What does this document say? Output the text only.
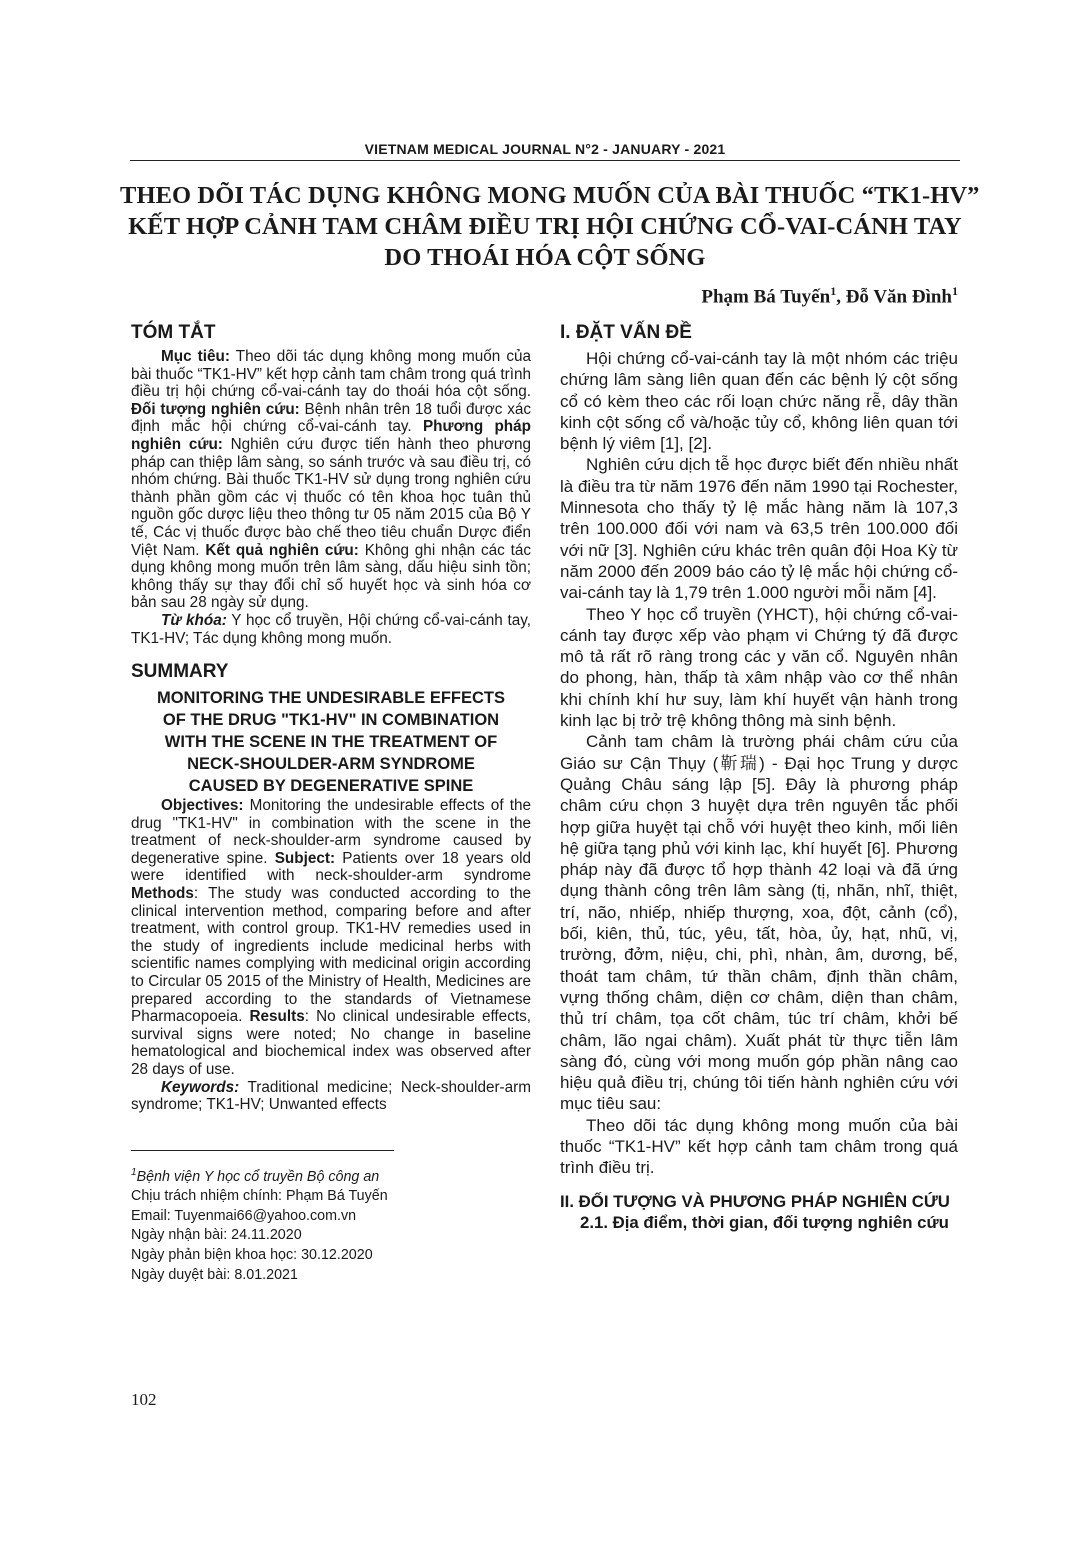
VIETNAM MEDICAL JOURNAL N°2 - JANUARY - 2021
THEO DÕI TÁC DỤNG KHÔNG MONG MUỐN CỦA BÀI THUỐC “TK1-HV”
KẾT HỢP CẢNH TAM CHÂM ĐIỀU TRỊ HỘI CHỨNG CỔ-VAI-CÁNH TAY
DO THOÁI HÓA CỘT SỐNG
Phạm Bá Tuyến$^1$, Đỗ Văn Đình$^1$
TÓM TẮT

Mục tiêu: Theo dõi tác dụng không mong muốn của bài thuốc “TK1-HV” kết hợp cảnh tam châm trong quá trình điều trị hội chứng cổ-vai-cánh tay do thoái hóa cột sống. Đối tượng nghiên cứu: Bệnh nhân trên 18 tuổi được xác định mắc hội chứng cổ-vai-cánh tay. Phương pháp nghiên cứu: Nghiên cứu được tiến hành theo phương pháp can thiệp lâm sàng, so sánh trước và sau điều trị, có nhóm chứng. Bài thuốc TK1-HV sử dụng trong nghiên cứu thành phần gồm các vị thuốc có tên khoa học tuân thủ nguồn gốc dược liệu theo thông tư 05 năm 2015 của Bộ Y tế, Các vị thuốc được bào chế theo tiêu chuẩn Dược điển Việt Nam. Kết quả nghiên cứu: Không ghi nhận các tác dụng không mong muốn trên lâm sàng, dấu hiệu sinh tồn; không thấy sự thay đổi chỉ số huyết học và sinh hóa cơ bản sau 28 ngày sử dụng.

Từ khóa: Y học cổ truyền, Hội chứng cổ-vai-cánh tay, TK1-HV; Tác dụng không mong muốn.

SUMMARY
MONITORING THE UNDESIRABLE EFFECTS
OF THE DRUG "TK1-HV" IN COMBINATION
WITH THE SCENE IN THE TREATMENT OF
NECK-SHOULDER-ARM SYNDROME
CAUSED BY DEGENERATIVE SPINE

Objectives: Monitoring the undesirable effects of the drug "TK1-HV" in combination with the scene in the treatment of neck-shoulder-arm syndrome caused by degenerative spine. Subject: Patients over 18 years old were identified with neck-shoulder-arm syndrome Methods: The study was conducted according to the clinical intervention method, comparing before and after treatment, with control group. TK1-HV remedies used in the study of ingredients include medicinal herbs with scientific names complying with medicinal origin according to Circular 05 2015 of the Ministry of Health, Medicines are prepared according to the standards of Vietnamese Pharmacopoeia. Results: No clinical undesirable effects, survival signs were noted; No change in baseline hematological and biochemical index was observed after 28 days of use.

Keywords: Traditional medicine; Neck-shoulder-arm syndrome; TK1-HV; Unwanted effects

$^1$Bệnh viện Y học cổ truyền Bộ công an

Chịu trách nhiệm chính: Phạm Bá Tuyến

Email: Tuyenmai66@yahoo.com.vn

Ngày nhận bài: 24.11.2020

Ngày phản biện khoa học: 30.12.2020

Ngày duyệt bài: 8.01.2021

I. ĐẶT VẤN ĐỀ

Hội chứng cổ-vai-cánh tay là một nhóm các triệu chứng lâm sàng liên quan đến các bệnh lý cột sống cổ có kèm theo các rối loạn chức năng rễ, dây thần kinh cột sống cổ và/hoặc tủy cổ, không liên quan tới bệnh lý viêm [1], [2].

Nghiên cứu dịch tễ học được biết đến nhiều nhất là điều tra từ năm 1976 đến năm 1990 tại Rochester, Minnesota cho thấy tỷ lệ mắc hàng năm là 107,3 trên 100.000 đối với nam và 63,5 trên 100.000 đối với nữ [3]. Nghiên cứu khác trên quân đội Hoa Kỳ từ năm 2000 đến 2009 báo cáo tỷ lệ mắc hội chứng cổ-vai-cánh tay là 1,79 trên 1.000 người mỗi năm [4].

Theo Y học cổ truyền (YHCT), hội chứng cổ-vai-cánh tay được xếp vào phạm vi Chứng tý đã được mô tả rất rõ ràng trong các y văn cổ. Nguyên nhân do phong, hàn, thấp tà xâm nhập vào cơ thể nhân khi chính khí hư suy, làm khí huyết vận hành trong kinh lạc bị trở trệ không thông mà sinh bệnh.

Cảnh tam châm là trường phái châm cứu của Giáo sư Cận Thụy (靳瑞) - Đại học Trung y dược Quảng Châu sáng lập [5]. Đây là phương pháp châm cứu chọn 3 huyệt dựa trên nguyên tắc phối hợp giữa huyệt tại chỗ với huyệt theo kinh, mối liên hệ giữa tạng phủ với kinh lạc, khí huyết [6]. Phương pháp này đã được tổ hợp thành 42 loại và đã ứng dụng thành công trên lâm sàng (tị, nhãn, nhĩ, thiệt, trí, não, nhiếp, nhiếp thượng, xoa, đột, cảnh (cổ), bối, kiên, thủ, túc, yêu, tất, hòa, ủy, hạt, nhũ, vị, trường, đởm, niệu, chi, phì, nhàn, âm, dương, bế, thoát tam châm, tứ thần châm, định thần châm, vựng thống châm, diện cơ châm, diện than châm, thủ trí châm, tọa cốt châm, túc trí châm, khởi bế châm, lão ngai châm). Xuất phát từ thực tiễn lâm sàng đó, cùng với mong muốn góp phần nâng cao hiệu quả điều trị, chúng tôi tiến hành nghiên cứu với mục tiêu sau:

Theo dõi tác dụng không mong muốn của bài thuốc “TK1-HV” kết hợp cảnh tam châm trong quá trình điều trị.

II. ĐỐI TƯỢNG VÀ PHƯƠNG PHÁP NGHIÊN CỨU
2.1. Địa điểm, thời gian, đối tượng nghiên cứu
102
